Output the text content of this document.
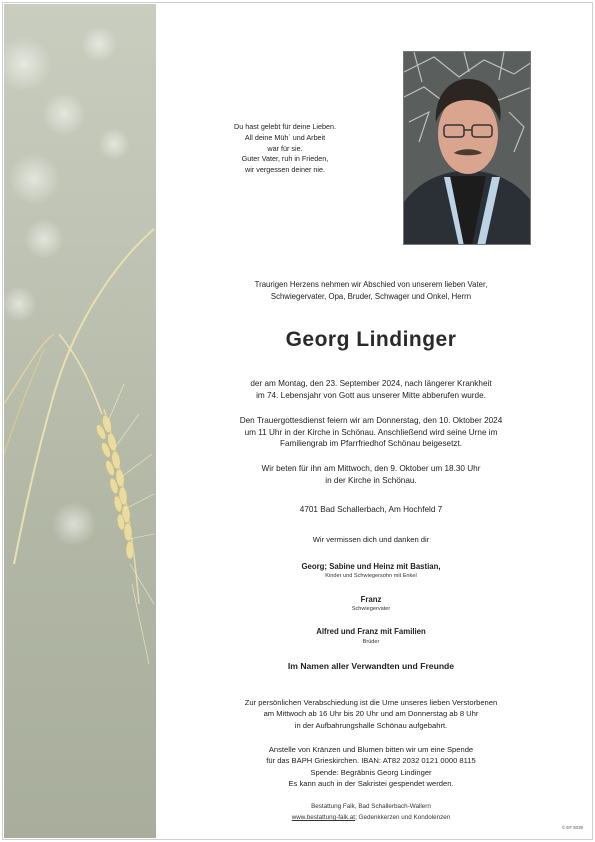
Du hast gelebt für deine Lieben.
All deine Müh´ und Arbeit
war für sie.
Guter Vater, ruh in Frieden,
wir vergessen deiner nie.
Traurigen Herzens nehmen wir Abschied von unserem lieben Vater,
Schwiegervater, Opa, Bruder, Schwager und Onkel, Herrn
Georg Lindinger
der am Montag, den 23. September 2024, nach längerer Krankheit
im 74. Lebensjahr von Gott aus unserer Mitte abberufen wurde.
Den Trauergottesdienst feiern wir am Donnerstag, den 10. Oktober 2024
um 11 Uhr in der Kirche in Schönau. Anschließend wird seine Urne im
Familiengrab im Pfarrfriedhof Schönau beigesetzt.
Wir beten für ihn am Mittwoch, den 9. Oktober um 18.30 Uhr
in der Kirche in Schönau.
4701 Bad Schallerbach, Am Hochfeld 7
Wir vermissen dich und danken dir
Georg; Sabine und Heinz mit Bastian,
Kinder und Schwiegersohn mit Enkel
Franz
Schwiegervater
Alfred und Franz mit Familien
Brüder
Im Namen aller Verwandten und Freunde
Zur persönlichen Verabschiedung ist die Urne unseres lieben Verstorbenen
am Mittwoch ab 16 Uhr bis 20 Uhr und am Donnerstag ab 8 Uhr
in der Aufbahrungshalle Schönau aufgebahrt.
Anstelle von Kränzen und Blumen bitten wir um eine Spende
für das BAPH Grieskirchen. IBAN: AT82 2032 0121 0000 8115
Spende: Begräbnis Georg Lindinger
Es kann auch in der Sakristei gespendet werden.
Bestattung Falk, Bad Schallerbach-Wallern
www.bestattung-falk.at; Gedenkkerzen und Kondolenzen
© EF 5039
